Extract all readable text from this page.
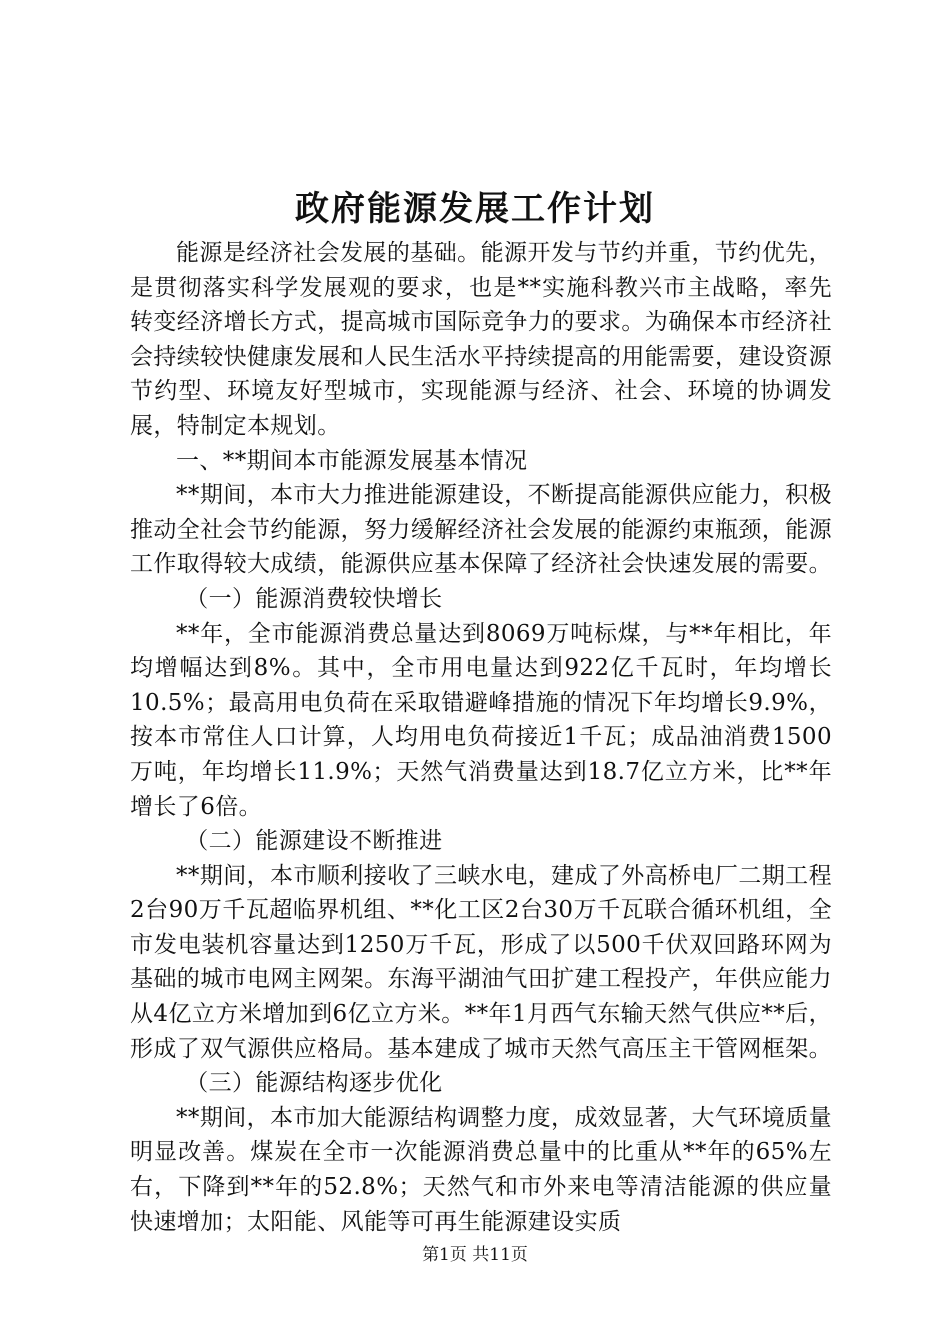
政府能源发展工作计划

能源是经济社会发展的基础。能源开发与节约并重，节约优先，是贯彻落实科学发展观的要求，也是**实施科教兴市主战略，率先转变经济增长方式，提高城市国际竞争力的要求。为确保本市经济社会持续较快健康发展和人民生活水平持续提高的用能需要，建设资源节约型、环境友好型城市，实现能源与经济、社会、环境的协调发展，特制定本规划。

一、**期间本市能源发展基本情况

**期间，本市大力推进能源建设，不断提高能源供应能力，积极推动全社会节约能源，努力缓解经济社会发展的能源约束瓶颈，能源工作取得较大成绩，能源供应基本保障了经济社会快速发展的需要。

（一）能源消费较快增长

**年，全市能源消费总量达到8069万吨标煤，与**年相比，年均增幅达到8%。其中，全市用电量达到922亿千瓦时，年均增长10.5%；最高用电负荷在采取错避峰措施的情况下年均增长9.9%，按本市常住人口计算，人均用电负荷接近1千瓦；成品油消费1500万吨，年均增长11.9%；天然气消费量达到18.7亿立方米，比**年增长了6倍。

（二）能源建设不断推进

**期间，本市顺利接收了三峡水电，建成了外高桥电厂二期工程2台90万千瓦超临界机组、**化工区2台30万千瓦联合循环机组，全市发电装机容量达到1250万千瓦，形成了以500千伏双回路环网为基础的城市电网主网架。东海平湖油气田扩建工程投产，年供应能力从4亿立方米增加到6亿立方米。**年1月西气东输天然气供应**后，形成了双气源供应格局。基本建成了城市天然气高压主干管网框架。

（三）能源结构逐步优化

**期间，本市加大能源结构调整力度，成效显著，大气环境质量明显改善。煤炭在全市一次能源消费总量中的比重从**年的65%左右，下降到**年的52.8%；天然气和市外来电等清洁能源的供应量快速增加；太阳能、风能等可再生能源建设实质

第1页 共11页
